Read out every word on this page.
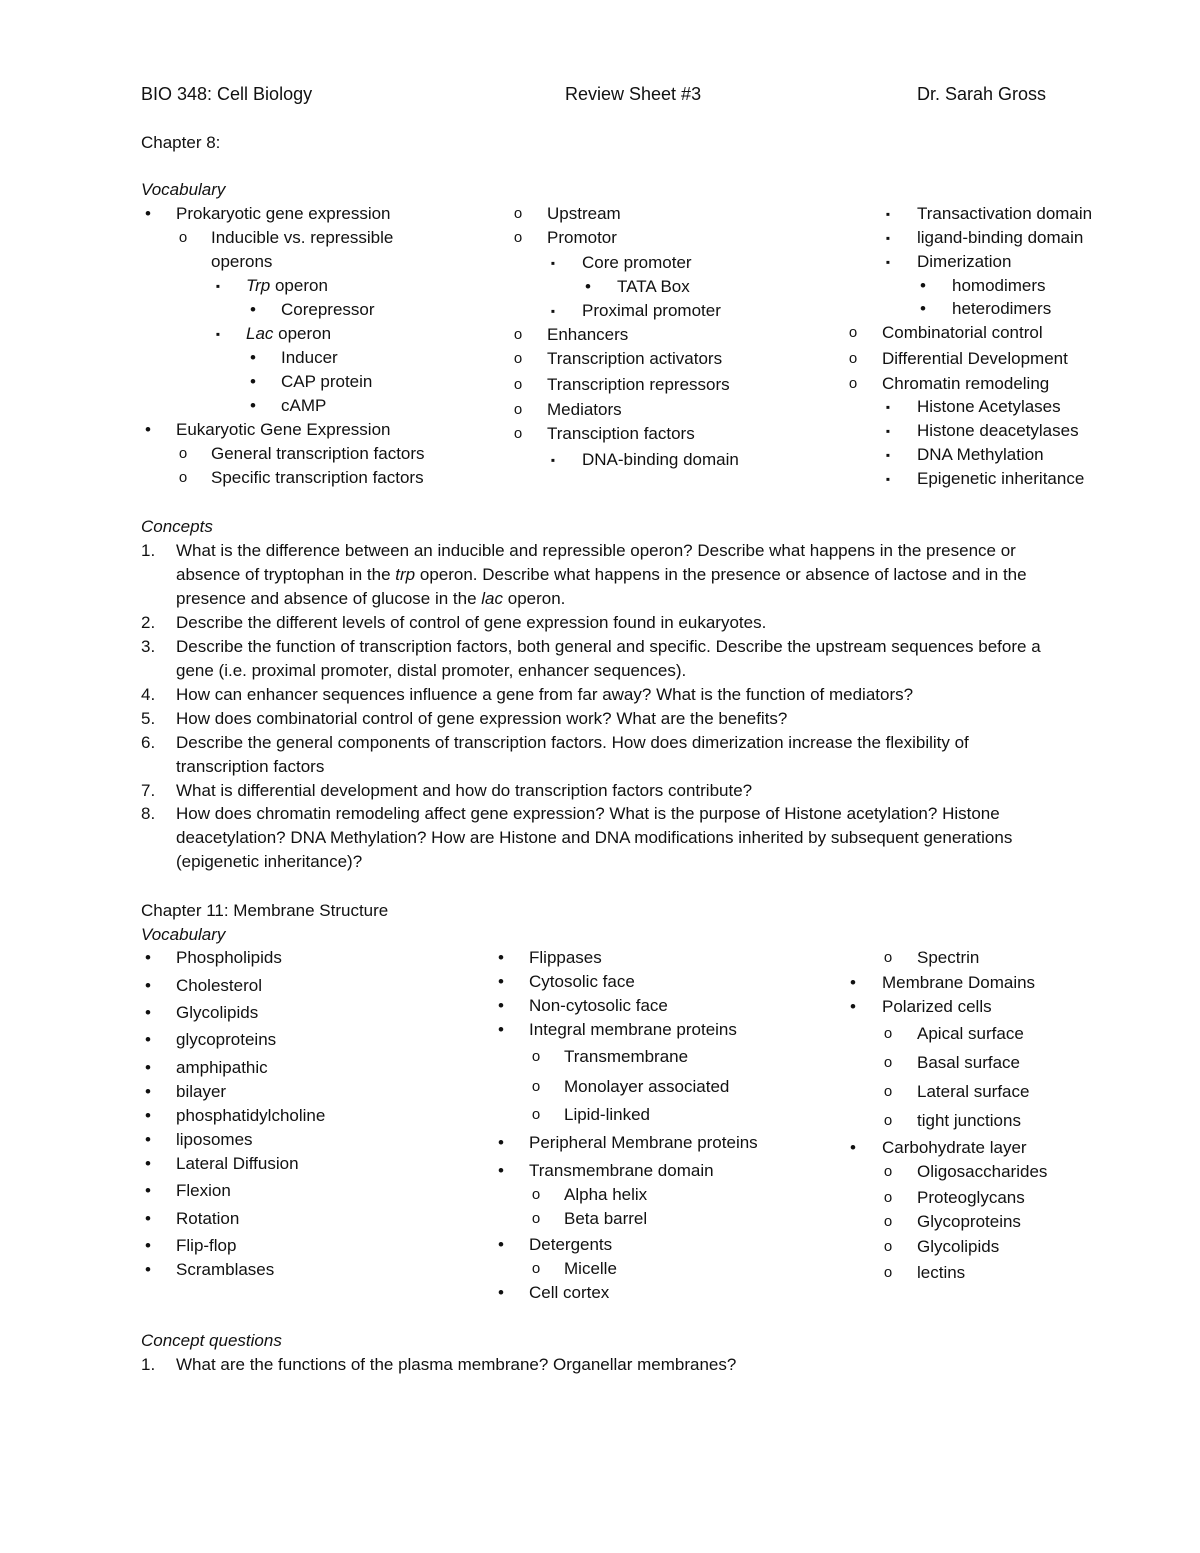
BIO 348: Cell Biology	Review Sheet #3	Dr. Sarah Gross
Chapter 8:
Vocabulary
• Prokaryotic gene expression
o Inducible vs. repressible
operons
▪ Trp operon
• Corepressor
▪ Lac operon
• Inducer
• CAP protein
• cAMP
• Eukaryotic Gene Expression
o General transcription factors
o Specific transcription factors
o Upstream
o Promotor
▪ Core promoter
• TATA Box
▪ Proximal promoter
o Enhancers
o Transcription activators
o Transcription repressors
o Mediators
o Transciption factors
▪ DNA-binding domain
▪ Transactivation domain
▪ ligand-binding domain
▪ Dimerization
• homodimers
• heterodimers
o Combinatorial control
o Differential Development
o Chromatin remodeling
▪ Histone Acetylases
▪ Histone deacetylases
▪ DNA Methylation
▪ Epigenetic inheritance
Concepts
1. What is the difference between an inducible and repressible operon? Describe what happens in the presence or
absence of tryptophan in the trp operon. Describe what happens in the presence or absence of lactose and in the
presence and absence of glucose in the lac operon.
2. Describe the different levels of control of gene expression found in eukaryotes.
3. Describe the function of transcription factors, both general and specific. Describe the upstream sequences before a
gene (i.e. proximal promoter, distal promoter, enhancer sequences).
4. How can enhancer sequences influence a gene from far away? What is the function of mediators?
5. How does combinatorial control of gene expression work? What are the benefits?
6. Describe the general components of transcription factors. How does dimerization increase the flexibility of
transcription factors
7. What is differential development and how do transcription factors contribute?
8. How does chromatin remodeling affect gene expression? What is the purpose of Histone acetylation? Histone
deacetylation? DNA Methylation? How are Histone and DNA modifications inherited by subsequent generations
(epigenetic inheritance)?
Chapter 11: Membrane Structure
Vocabulary
• Phospholipids
• Cholesterol
• Glycolipids
• glycoproteins
• amphipathic
• bilayer
• phosphatidylcholine
• liposomes
• Lateral Diffusion
• Flexion
• Rotation
• Flip-flop
• Scramblases
• Flippases
• Cytosolic face
• Non-cytosolic face
• Integral membrane proteins
o Transmembrane
o Monolayer associated
o Lipid-linked
• Peripheral Membrane proteins
• Transmembrane domain
o Alpha helix
o Beta barrel
• Detergents
o Micelle
• Cell cortex
o Spectrin
• Membrane Domains
• Polarized cells
o Apical surface
o Basal surface
o Lateral surface
o tight junctions
• Carbohydrate layer
o Oligosaccharides
o Proteoglycans
o Glycoproteins
o Glycolipids
o lectins
Concept questions
1. What are the functions of the plasma membrane? Organellar membranes?
